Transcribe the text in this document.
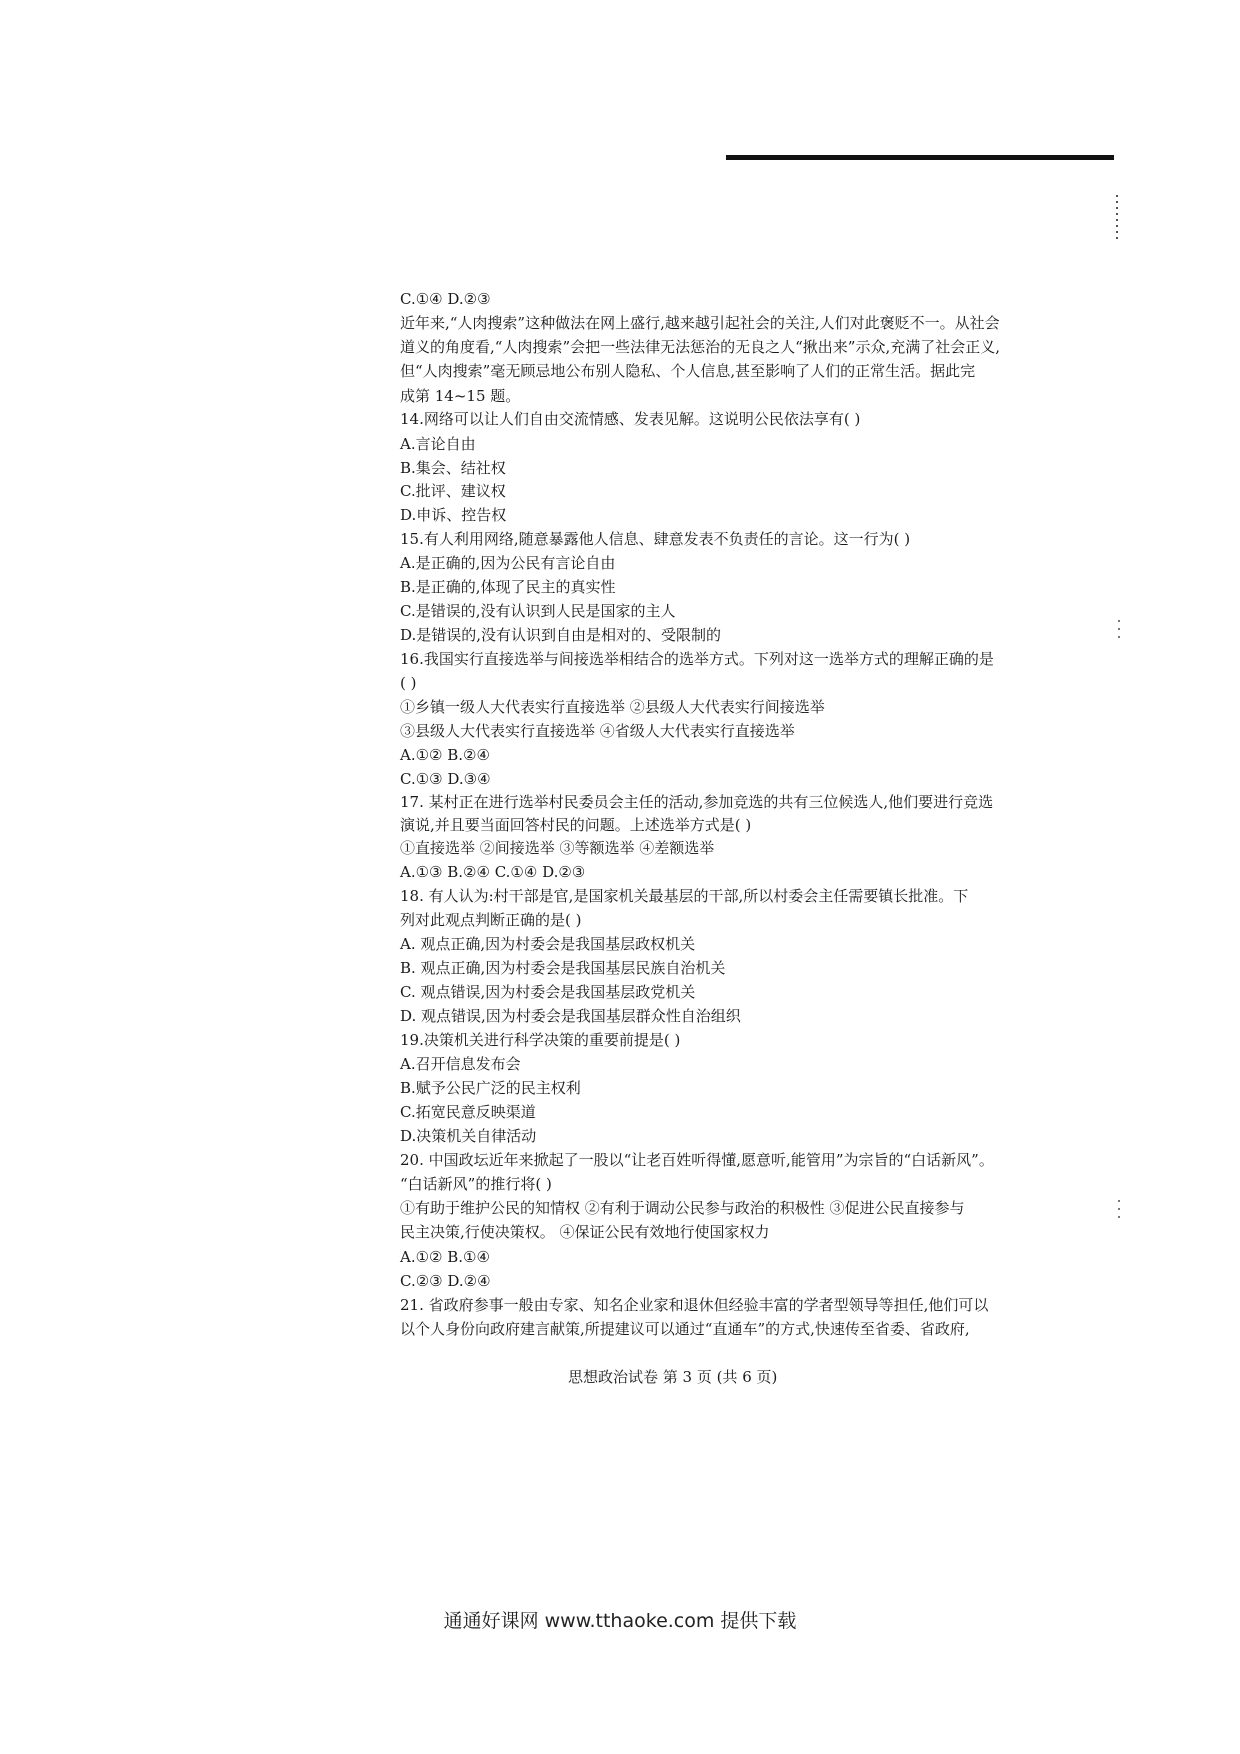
C.①④ D.②③
近年来,“人肉搜索”这种做法在网上盛行,越来越引起社会的关注,人们对此褒贬不一。从社会
道义的角度看,“人肉搜索”会把一些法律无法惩治的无良之人“揪出来”示众,充满了社会正义,
但“人肉搜索”毫无顾忌地公布别人隐私、个人信息,甚至影响了人们的正常生活。据此完
成第 14~15 题。
14.网络可以让人们自由交流情感、发表见解。这说明公民依法享有( )
A.言论自由
B.集会、结社权
C.批评、建议权
D.申诉、控告权
15.有人利用网络,随意暴露他人信息、肆意发表不负责任的言论。这一行为( )
A.是正确的,因为公民有言论自由
B.是正确的,体现了民主的真实性
C.是错误的,没有认识到人民是国家的主人
D.是错误的,没有认识到自由是相对的、受限制的
16.我国实行直接选举与间接选举相结合的选举方式。下列对这一选举方式的理解正确的是
( )
①乡镇一级人大代表实行直接选举 ②县级人大代表实行间接选举
③县级人大代表实行直接选举 ④省级人大代表实行直接选举
A.①② B.②④
C.①③ D.③④
17. 某村正在进行选举村民委员会主任的活动,参加竞选的共有三位候选人,他们要进行竞选
演说,并且要当面回答村民的问题。上述选举方式是( )
①直接选举 ②间接选举 ③等额选举 ④差额选举
A.①③ B.②④ C.①④ D.②③
18. 有人认为:村干部是官,是国家机关最基层的干部,所以村委会主任需要镇长批准。下
列对此观点判断正确的是( )
A. 观点正确,因为村委会是我国基层政权机关
B. 观点正确,因为村委会是我国基层民族自治机关
C. 观点错误,因为村委会是我国基层政党机关
D. 观点错误,因为村委会是我国基层群众性自治组织
19.决策机关进行科学决策的重要前提是( )
A.召开信息发布会
B.赋予公民广泛的民主权利
C.拓宽民意反映渠道
D.决策机关自律活动
20. 中国政坛近年来掀起了一股以“让老百姓听得懂,愿意听,能管用”为宗旨的“白话新风”。
“白话新风”的推行将( )
①有助于维护公民的知情权 ②有利于调动公民参与政治的积极性 ③促进公民直接参与
民主决策,行使决策权。 ④保证公民有效地行使国家权力
A.①② B.①④
C.②③ D.②④
21. 省政府参事一般由专家、知名企业家和退休但经验丰富的学者型领导等担任,他们可以
以个人身份向政府建言献策,所提建议可以通过“直通车”的方式,快速传至省委、省政府,
思想政治试卷 第 3 页 (共 6 页)
通通好课网 www.tthaoke.com 提供下载
